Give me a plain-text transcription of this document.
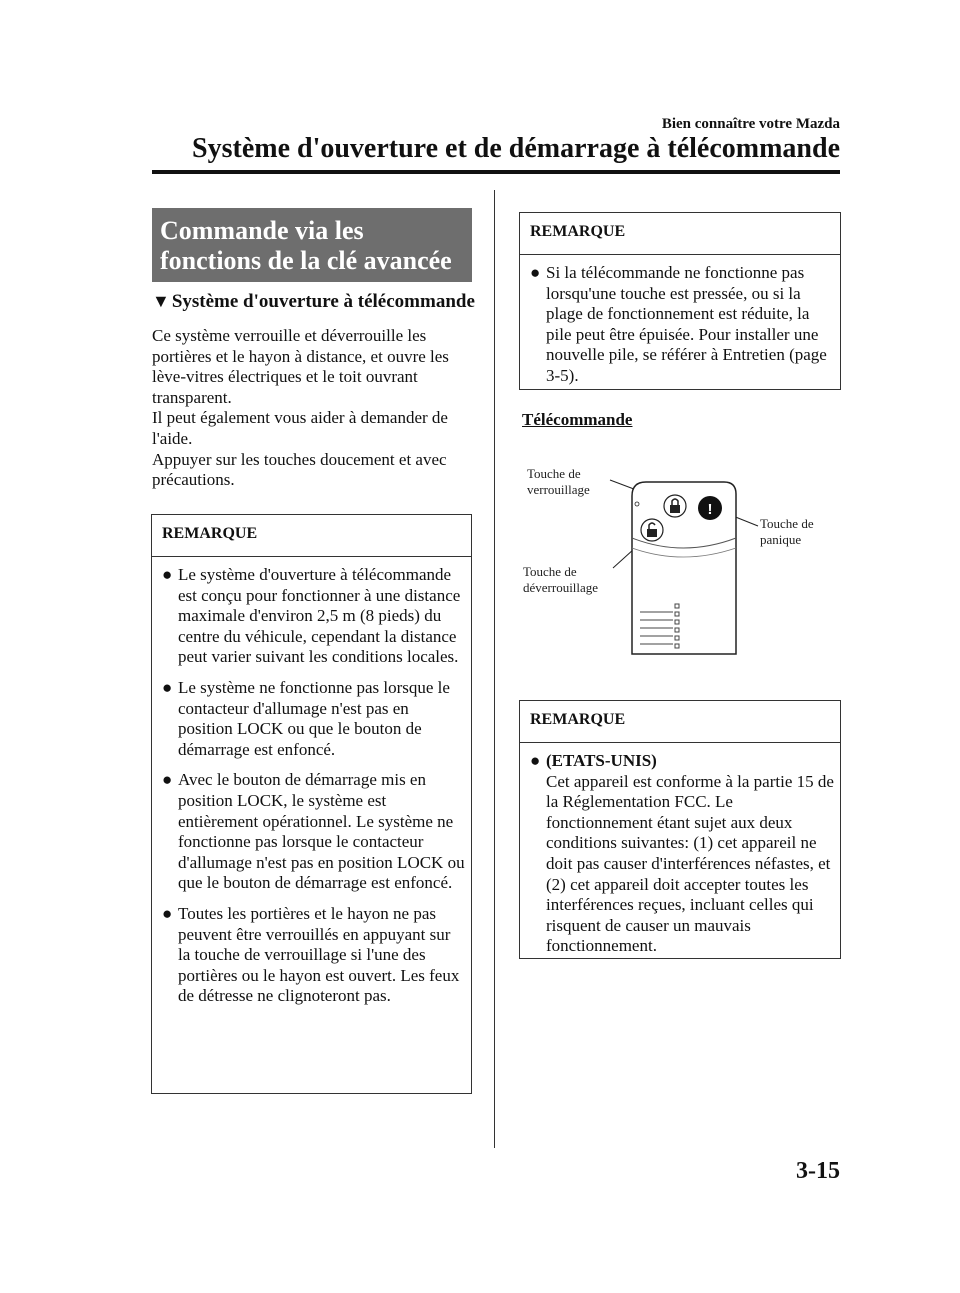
Bien connaître votre Mazda
Système d'ouverture et de démarrage à télécommande
Commande via les
fonctions de la clé avancée
▼ Système d'ouverture à télécommande

Ce système verrouille et déverrouille les portières et le hayon à distance, et ouvre les lève-vitres électriques et le toit ouvrant transparent.

Il peut également vous aider à demander de l'aide.

Appuyer sur les touches doucement et avec précautions.

REMARQUE
● Le système d'ouverture à télécommande est conçu pour fonctionner à une distance maximale d'environ 2,5 m (8 pieds) du centre du véhicule, cependant la distance peut varier suivant les conditions locales.
● Le système ne fonctionne pas lorsque le contacteur d'allumage n'est pas en position LOCK ou que le bouton de démarrage est enfoncé.
● Avec le bouton de démarrage mis en position LOCK, le système est entièrement opérationnel. Le système ne fonctionne pas lorsque le contacteur d'allumage n'est pas en position LOCK ou que le bouton de démarrage est enfoncé.
● Toutes les portières et le hayon ne pas peuvent être verrouillés en appuyant sur la touche de verrouillage si l'une des portières ou le hayon est ouvert. Les feux de détresse ne clignoteront pas.
REMARQUE
● Si la télécommande ne fonctionne pas lorsqu'une touche est pressée, ou si la plage de fonctionnement est réduite, la pile peut être épuisée. Pour installer une nouvelle pile, se référer à Entretien (page 3-5).
Télécommande
Touche de
verrouillage
Touche de
déverrouillage
Touche de
panique
!
REMARQUE
● (ETATS-UNIS)
Cet appareil est conforme à la partie 15 de la Réglementation FCC. Le fonctionnement étant sujet aux deux conditions suivantes: (1) cet appareil ne doit pas causer d'interférences néfastes, et (2) cet appareil doit accepter toutes les interférences reçues, incluant celles qui risquent de causer un mauvais fonctionnement.
3-15
